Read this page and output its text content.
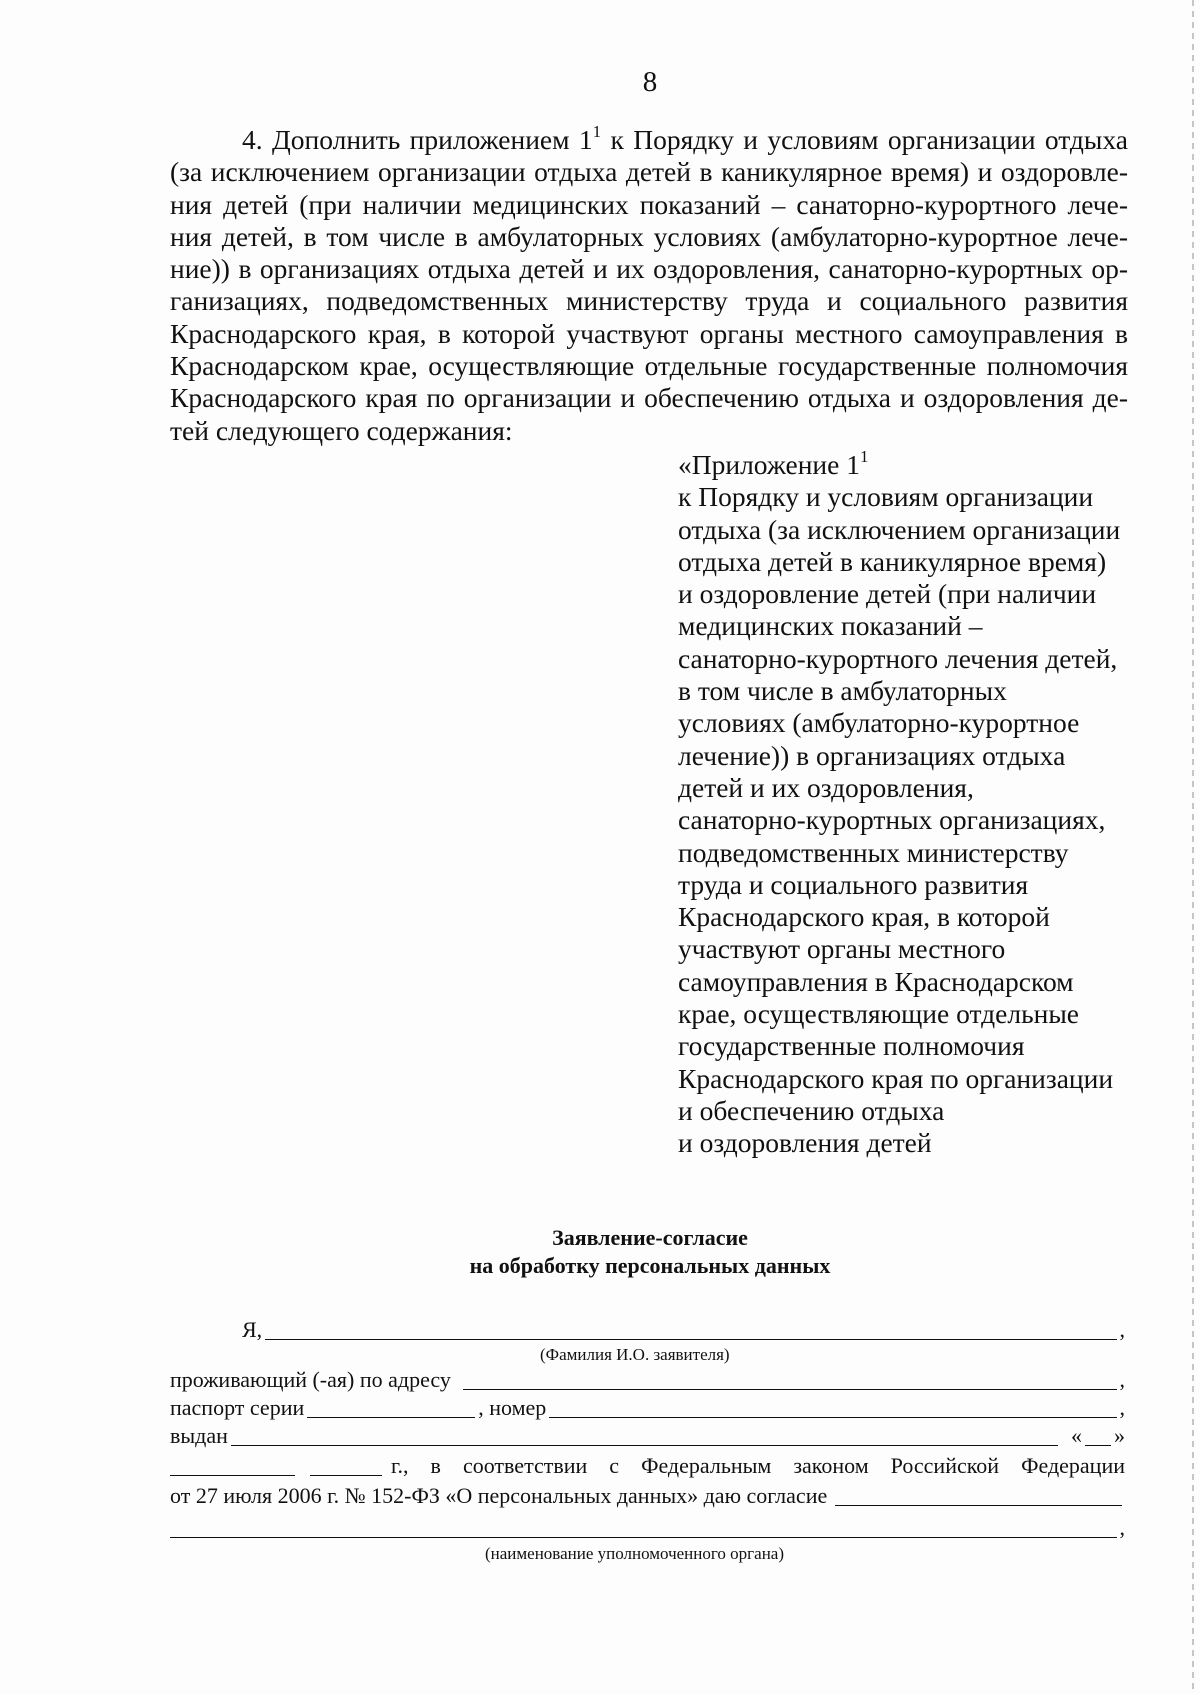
8
4. Дополнить приложением $1^1$ к Порядку и условиям организации отдыха
(за исключением организации отдыха детей в каникулярное время) и оздоровле-
ния детей (при наличии медицинских показаний – санаторно-курортного лече-
ния детей, в том числе в амбулаторных условиях (амбулаторно-курортное лече-
ние)) в организациях отдыха детей и их оздоровления, санаторно-курортных ор-
ганизациях, подведомственных министерству труда и социального развития
Краснодарского края, в которой участвуют органы местного самоуправления в
Краснодарском крае, осуществляющие отдельные государственные полномочия
Краснодарского края по организации и обеспечению отдыха и оздоровления де-
тей следующего содержания:
«Приложение $1^1$
к Порядку и условиям организации
отдыха (за исключением организации
отдыха детей в каникулярное время)
и оздоровление детей (при наличии
медицинских показаний –
санаторно-курортного лечения детей,
в том числе в амбулаторных
условиях (амбулаторно-курортное
лечение)) в организациях отдыха
детей и их оздоровления,
санаторно-курортных организациях,
подведомственных министерству
труда и социального развития
Краснодарского края, в которой
участвуют органы местного
самоуправления в Краснодарском
крае, осуществляющие отдельные
государственные полномочия
Краснодарского края по организации
и обеспечению отдыха
и оздоровления детей
Заявление-согласие
на обработку персональных данных
Я,	,
(Фамилия И.О. заявителя)
проживающий (-ая) по адресу	,
паспорт серии	, номер	,
выдан	« »
г., в соответствии с Федеральным законом Российской Федерации
от 27 июля 2006 г. № 152-ФЗ «О персональных данных» даю согласие
,
(наименование уполномоченного органа)
